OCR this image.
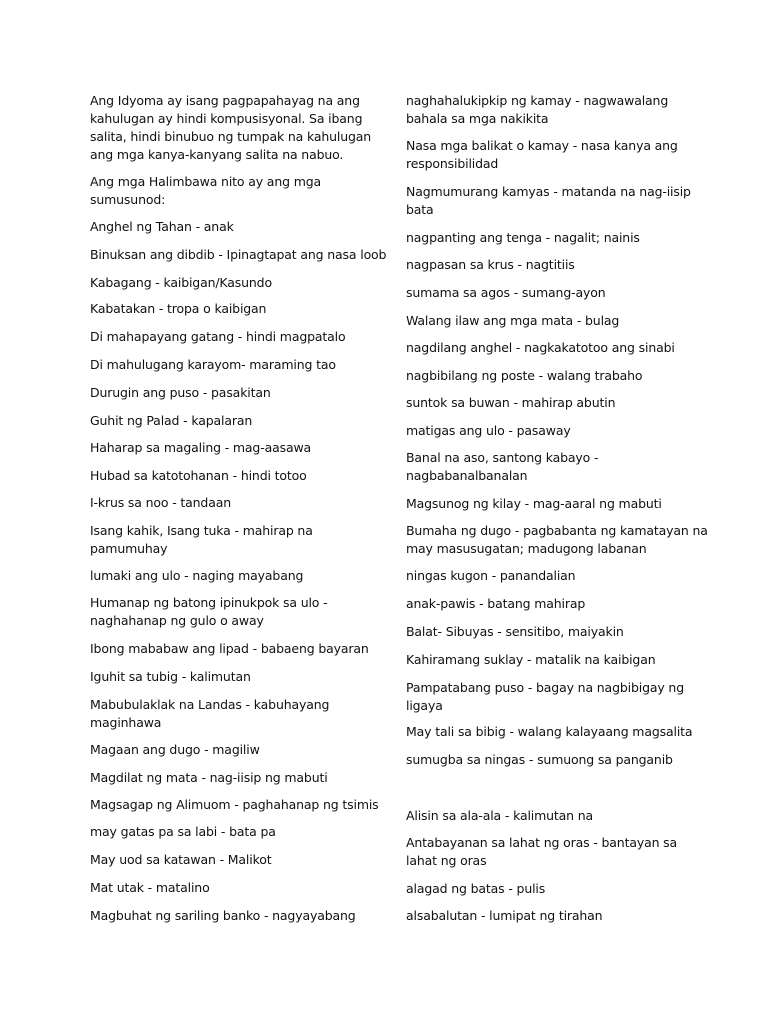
Ang Idyoma ay isang pagpapahayag na ang
kahulugan ay hindi kompusisyonal. Sa ibang
salita, hindi binubuo ng tumpak na kahulugan
ang mga kanya-kanyang salita na nabuo.
Ang mga Halimbawa nito ay ang mga
sumusunod:
Anghel ng Tahan - anak
Binuksan ang dibdib - Ipinagtapat ang nasa loob
Kabagang - kaibigan/Kasundo
Kabatakan - tropa o kaibigan
Di mahapayang gatang - hindi magpatalo
Di mahulugang karayom- maraming tao
Durugin ang puso - pasakitan
Guhit ng Palad - kapalaran
Haharap sa magaling - mag-aasawa
Hubad sa katotohanan - hindi totoo
I-krus sa noo - tandaan
Isang kahik, Isang tuka - mahirap na
pamumuhay
lumaki ang ulo - naging mayabang
Humanap ng batong ipinukpok sa ulo -
naghahanap ng gulo o away
Ibong mababaw ang lipad - babaeng bayaran
Iguhit sa tubig - kalimutan
Mabubulaklak na Landas - kabuhayang
maginhawa
Magaan ang dugo - magiliw
Magdilat ng mata - nag-iisip ng mabuti
Magsagap ng Alimuom - paghahanap ng tsimis
may gatas pa sa labi - bata pa
May uod sa katawan - Malikot
Mat utak - matalino
Magbuhat ng sariling banko - nagyayabang
naghahalukipkip ng kamay - nagwawalang
bahala sa mga nakikita
Nasa mga balikat o kamay - nasa kanya ang
responsibilidad
Nagmumurang kamyas - matanda na nag-iisip
bata
nagpanting ang tenga - nagalit; nainis
nagpasan sa krus - nagtitiis
sumama sa agos - sumang-ayon
Walang ilaw ang mga mata - bulag
nagdilang anghel - nagkakatotoo ang sinabi
nagbibilang ng poste - walang trabaho
suntok sa buwan - mahirap abutin
matigas ang ulo - pasaway
Banal na aso, santong kabayo -
nagbabanalbanalan
Magsunog ng kilay - mag-aaral ng mabuti
Bumaha ng dugo - pagbabanta ng kamatayan na
may masusugatan; madugong labanan
ningas kugon - panandalian
anak-pawis - batang mahirap
Balat- Sibuyas - sensitibo, maiyakin
Kahiramang suklay - matalik na kaibigan
Pampatabang puso - bagay na nagbibigay ng
ligaya
May tali sa bibig - walang kalayaang magsalita
sumugba sa ningas - sumuong sa panganib
Alisin sa ala-ala - kalimutan na
Antabayanan sa lahat ng oras - bantayan sa
lahat ng oras
alagad ng batas - pulis
alsabalutan - lumipat ng tirahan
